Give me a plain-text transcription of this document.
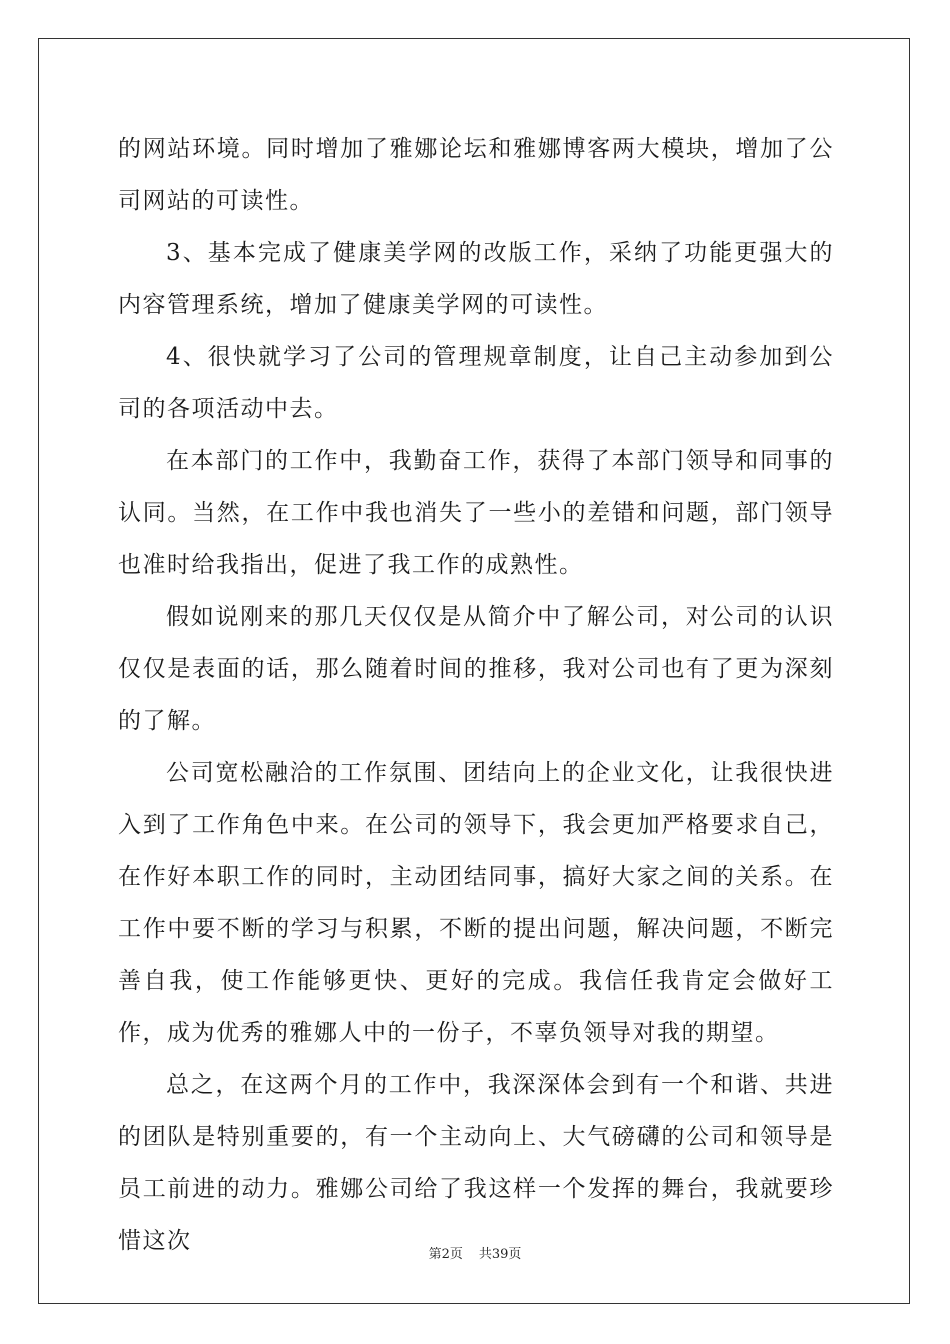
的网站环境。同时增加了雅娜论坛和雅娜博客两大模块，增加了公司网站的可读性。

3、基本完成了健康美学网的改版工作，采纳了功能更强大的内容管理系统，增加了健康美学网的可读性。

4、很快就学习了公司的管理规章制度，让自己主动参加到公司的各项活动中去。

在本部门的工作中，我勤奋工作，获得了本部门领导和同事的认同。当然，在工作中我也消失了一些小的差错和问题，部门领导也准时给我指出，促进了我工作的成熟性。

假如说刚来的那几天仅仅是从简介中了解公司，对公司的认识仅仅是表面的话，那么随着时间的推移，我对公司也有了更为深刻的了解。

公司宽松融洽的工作氛围、团结向上的企业文化，让我很快进入到了工作角色中来。在公司的领导下，我会更加严格要求自己，在作好本职工作的同时，主动团结同事，搞好大家之间的关系。在工作中要不断的学习与积累，不断的提出问题，解决问题，不断完善自我，使工作能够更快、更好的完成。我信任我肯定会做好工作，成为优秀的雅娜人中的一份子，不辜负领导对我的期望。

总之，在这两个月的工作中，我深深体会到有一个和谐、共进的团队是特别重要的，有一个主动向上、大气磅礴的公司和领导是员工前进的动力。雅娜公司给了我这样一个发挥的舞台，我就要珍惜这次

第2页 共39页
